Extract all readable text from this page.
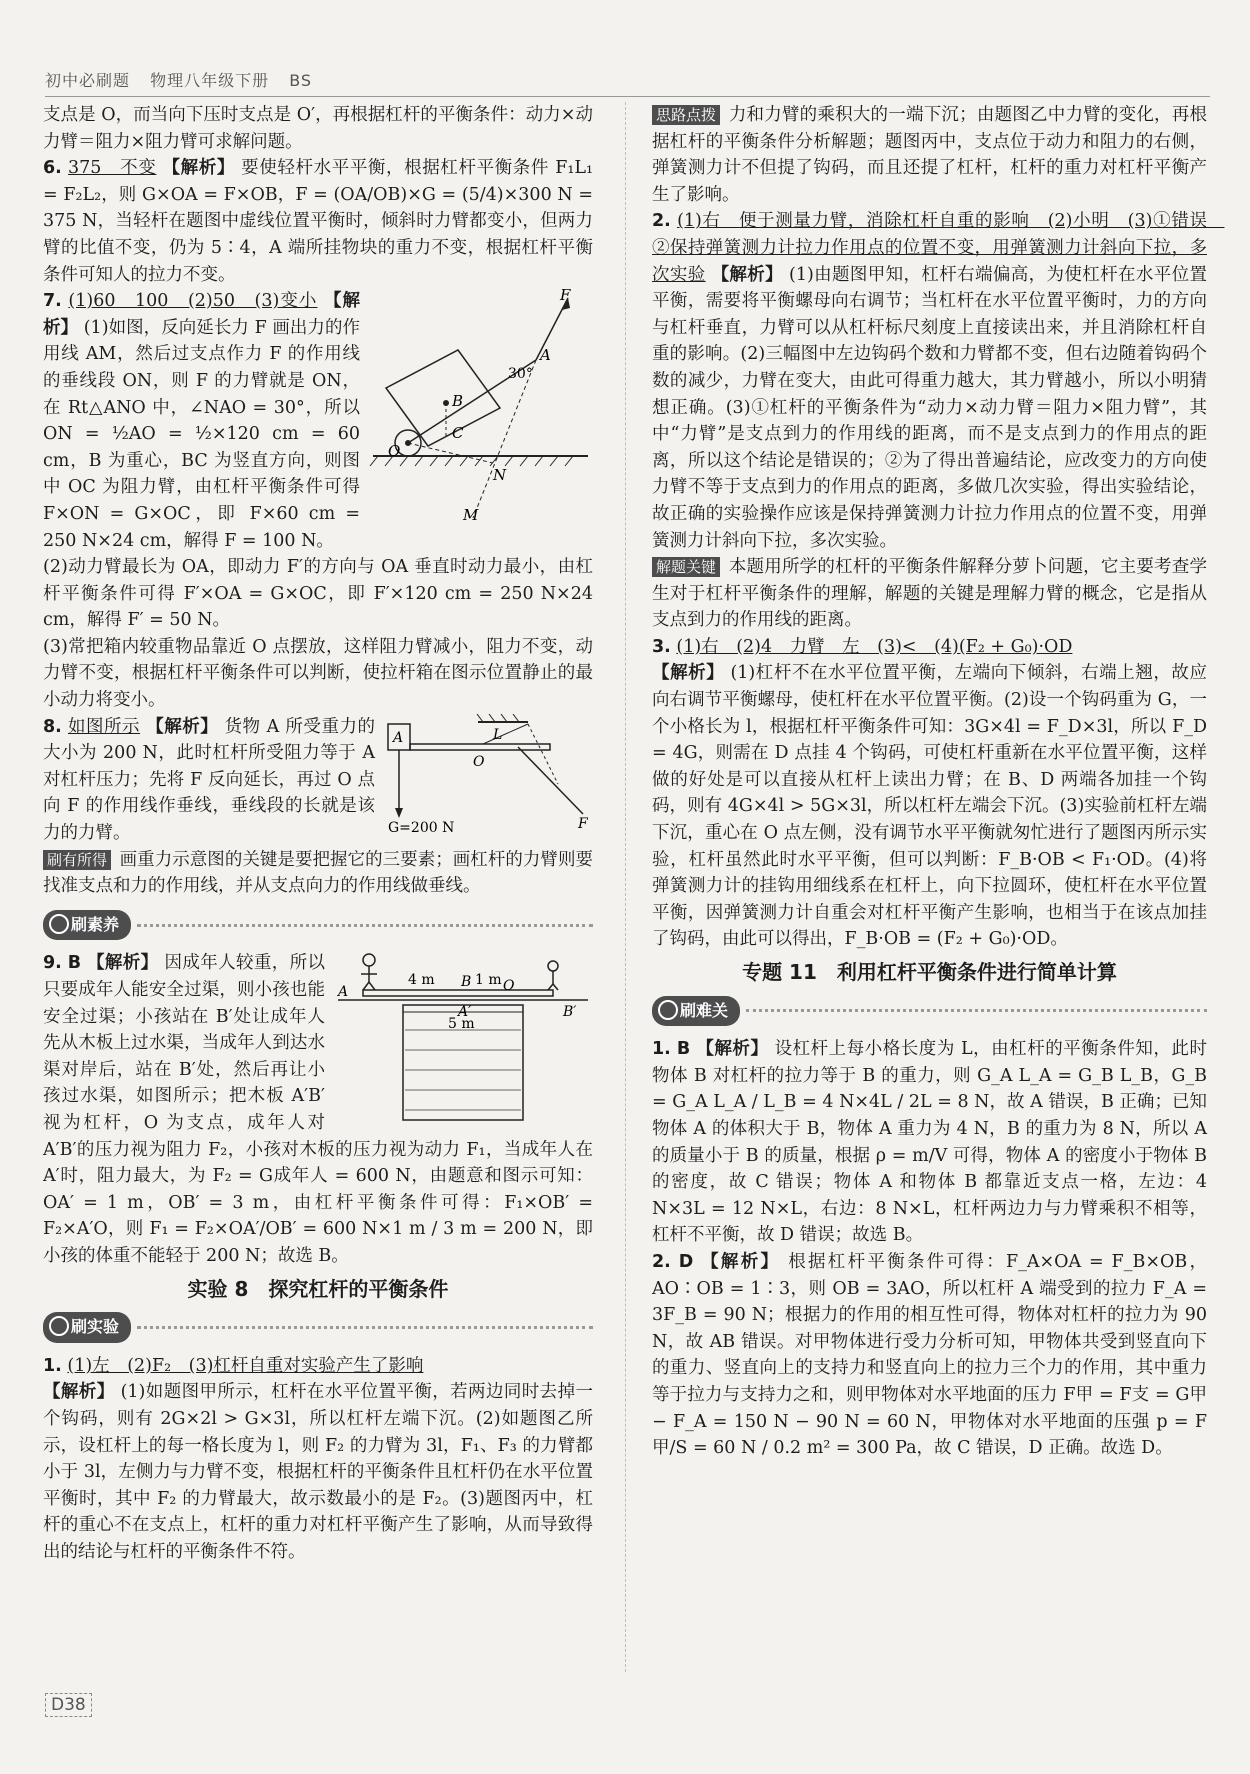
初中必刷题 物理八年级下册 BS

支点是 O，而当向下压时支点是 O′，再根据杠杆的平衡条件：动力×动力臂＝阻力×阻力臂可求解问题。

6. 375　不变 【解析】 要使轻杆水平平衡，根据杠杆平衡条件 F₁L₁ = F₂L₂，则 G×OA = F×OB，F = (OA/OB)×G = (5/4)×300 N = 375 N，当轻杆在题图中虚线位置平衡时，倾斜时力臂都变小，但两力臂的比值不变，仍为 5∶4，A 端所挂物块的重力不变，根据杠杆平衡条件可知人的拉力不变。

F
A
B
C
O
N
M
30°

7. (1)60　100　(2)50　(3)变小 【解析】 (1)如图，反向延长力 F 画出力的作用线 AM，然后过支点作力 F 的作用线的垂线段 ON，则 F 的力臂就是 ON，在 Rt△ANO 中，∠NAO = 30°，所以 ON = ½AO = ½×120 cm = 60 cm，B 为重心，BC 为竖直方向，则图中 OC 为阻力臂，由杠杆平衡条件可得 F×ON = G×OC，即 F×60 cm = 250 N×24 cm，解得 F = 100 N。

(2)动力臂最长为 OA，即动力 F′的方向与 OA 垂直时动力最小，由杠杆平衡条件可得 F′×OA = G×OC，即 F′×120 cm = 250 N×24 cm，解得 F′ = 50 N。

(3)常把箱内较重物品靠近 O 点摆放，这样阻力臂减小，阻力不变，动力臂不变，根据杠杆平衡条件可以判断，使拉杆箱在图示位置静止的最小动力将变小。

A	L
O
F
G=200 N

8. 如图所示 【解析】 货物 A 所受重力的大小为 200 N，此时杠杆所受阻力等于 A 对杠杆压力；先将 F 反向延长，再过 O 点向 F 的作用线作垂线，垂线段的长就是该力的力臂。

刷有所得 画重力示意图的关键是要把握它的三要素；画杠杆的力臂则要找准支点和力的作用线，并从支点向力的作用线做垂线。

刷素养
A
B O
A′	B′
4 m	1 m
5 m

9. B 【解析】 因成年人较重，所以只要成年人能安全过渠，则小孩也能安全过渠；小孩站在 B′处让成年人先从木板上过水渠，当成年人到达水渠对岸后，站在 B′处，然后再让小孩过水渠，如图所示；把木板 A′B′视为杠杆，O 为支点，成年人对 A′B′的压力视为阻力 F₂，小孩对木板的压力视为动力 F₁，当成年人在 A′时，阻力最大，为 F₂ = G成年人 = 600 N，由题意和图示可知：OA′ = 1 m，OB′ = 3 m，由杠杆平衡条件可得：F₁×OB′ = F₂×A′O，则 F₁ = F₂×OA′/OB′ = 600 N×1 m / 3 m = 200 N，即小孩的体重不能轻于 200 N；故选 B。

实验 8　探究杠杆的平衡条件
刷实验

1. (1)左　(2)F₂　(3)杠杆自重对实验产生了影响
【解析】 (1)如题图甲所示，杠杆在水平位置平衡，若两边同时去掉一个钩码，则有 2G×2l > G×3l，所以杠杆左端下沉。(2)如题图乙所示，设杠杆上的每一格长度为 l，则 F₂ 的力臂为 3l，F₁、F₃ 的力臂都小于 3l，左侧力与力臂不变，根据杠杆的平衡条件且杠杆仍在水平位置平衡时，其中 F₂ 的力臂最大，故示数最小的是 F₂。(3)题图丙中，杠杆的重心不在支点上，杠杆的重力对杠杆平衡产生了影响，从而导致得出的结论与杠杆的平衡条件不符。

思路点拨 力和力臂的乘积大的一端下沉；由题图乙中力臂的变化，再根据杠杆的平衡条件分析解题；题图丙中，支点位于动力和阻力的右侧，弹簧测力计不但提了钩码，而且还提了杠杆，杠杆的重力对杠杆平衡产生了影响。

2. (1)右　便于测量力臂，消除杠杆自重的影响　(2)小明　(3)①错误　②保持弹簧测力计拉力作用点的位置不变，用弹簧测力计斜向下拉，多次实验 【解析】 (1)由题图甲知，杠杆右端偏高，为使杠杆在水平位置平衡，需要将平衡螺母向右调节；当杠杆在水平位置平衡时，力的方向与杠杆垂直，力臂可以从杠杆标尺刻度上直接读出来，并且消除杠杆自重的影响。(2)三幅图中左边钩码个数和力臂都不变，但右边随着钩码个数的减少，力臂在变大，由此可得重力越大，其力臂越小，所以小明猜想正确。(3)①杠杆的平衡条件为“动力×动力臂＝阻力×阻力臂”，其中“力臂”是支点到力的作用线的距离，而不是支点到力的作用点的距离，所以这个结论是错误的；②为了得出普遍结论，应改变力的方向使力臂不等于支点到力的作用点的距离，多做几次实验，得出实验结论，故正确的实验操作应该是保持弹簧测力计拉力作用点的位置不变，用弹簧测力计斜向下拉，多次实验。

解题关键 本题用所学的杠杆的平衡条件解释分萝卜问题，它主要考查学生对于杠杆平衡条件的理解，解题的关键是理解力臂的概念，它是指从支点到力的作用线的距离。

3. (1)右　(2)4　力臂　左　(3)<　(4)(F₂ + G₀)·OD
【解析】 (1)杠杆不在水平位置平衡，左端向下倾斜，右端上翘，故应向右调节平衡螺母，使杠杆在水平位置平衡。(2)设一个钩码重为 G，一个小格长为 l，根据杠杆平衡条件可知：3G×4l = F_D×3l，所以 F_D = 4G，则需在 D 点挂 4 个钩码，可使杠杆重新在水平位置平衡，这样做的好处是可以直接从杠杆上读出力臂；在 B、D 两端各加挂一个钩码，则有 4G×4l > 5G×3l，所以杠杆左端会下沉。(3)实验前杠杆左端下沉，重心在 O 点左侧，没有调节水平平衡就匆忙进行了题图丙所示实验，杠杆虽然此时水平平衡，但可以判断：F_B·OB < F₁·OD。(4)将弹簧测力计的挂钩用细线系在杠杆上，向下拉圆环，使杠杆在水平位置平衡，因弹簧测力计自重会对杠杆平衡产生影响，也相当于在该点加挂了钩码，由此可以得出，F_B·OB = (F₂ + G₀)·OD。

专题 11　利用杠杆平衡条件进行简单计算
刷难关

1. B 【解析】 设杠杆上每小格长度为 L，由杠杆的平衡条件知，此时物体 B 对杠杆的拉力等于 B 的重力，则 G_A L_A = G_B L_B，G_B = G_A L_A / L_B = 4 N×4L / 2L = 8 N，故 A 错误，B 正确；已知物体 A 的体积大于 B，物体 A 重力为 4 N，B 的重力为 8 N，所以 A 的质量小于 B 的质量，根据 ρ = m/V 可得，物体 A 的密度小于物体 B 的密度，故 C 错误；物体 A 和物体 B 都靠近支点一格，左边：4 N×3L = 12 N×L，右边：8 N×L，杠杆两边力与力臂乘积不相等，杠杆不平衡，故 D 错误；故选 B。

2. D 【解析】 根据杠杆平衡条件可得：F_A×OA = F_B×OB，AO∶OB = 1∶3，则 OB = 3AO，所以杠杆 A 端受到的拉力 F_A = 3F_B = 90 N；根据力的作用的相互性可得，物体对杠杆的拉力为 90 N，故 AB 错误。对甲物体进行受力分析可知，甲物体共受到竖直向下的重力、竖直向上的支持力和竖直向上的拉力三个力的作用，其中重力等于拉力与支持力之和，则甲物体对水平地面的压力 F甲 = F支 = G甲 − F_A = 150 N − 90 N = 60 N，甲物体对水平地面的压强 p = F甲/S = 60 N / 0.2 m² = 300 Pa，故 C 错误，D 正确。故选 D。

D38
